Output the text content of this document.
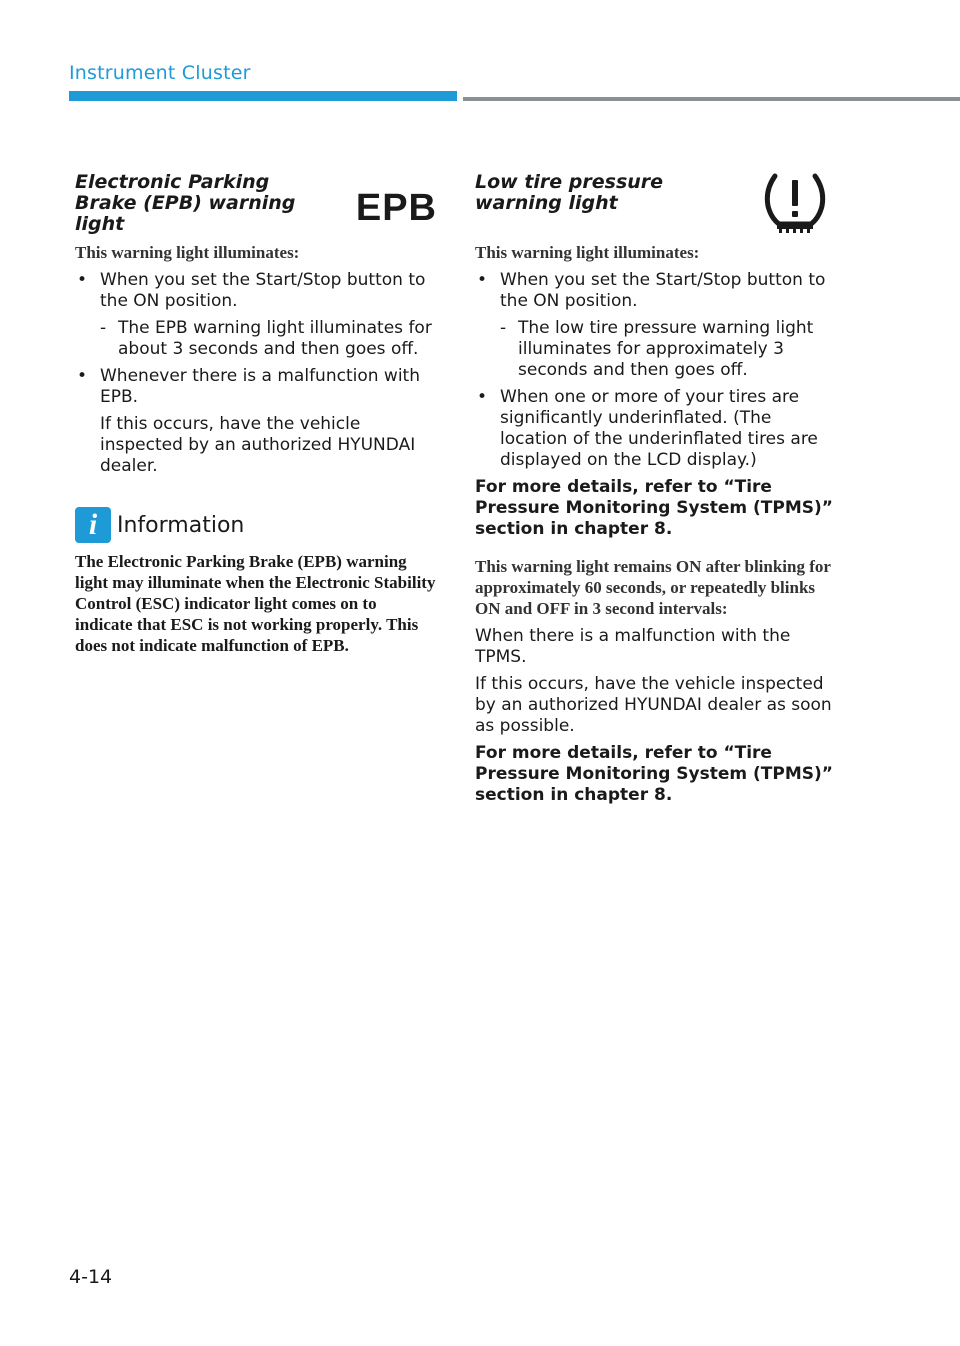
Instrument Cluster
Electronic Parking Brake (EPB) warning light	EPB

This warning light illuminates:

• When you set the Start/Stop button to the ON position.
- The EPB warning light illuminates for about 3 seconds and then goes off.
• Whenever there is a malfunction with EPB.
If this occurs, have the vehicle inspected by an authorized HYUNDAI dealer.
i Information

The Electronic Parking Brake (EPB) warning light may illuminate when the Electronic Stability Control (ESC) indicator light comes on to indicate that ESC is not working properly. This does not indicate malfunction of EPB.

Low tire pressure warning light

This warning light illuminates:

• When you set the Start/Stop button to the ON position.
- The low tire pressure warning light illuminates for approximately 3 seconds and then goes off.
• When one or more of your tires are significantly underinflated. (The location of the underinflated tires are displayed on the LCD display.)

For more details, refer to “Tire Pressure Monitoring System (TPMS)” section in chapter 8.

This warning light remains ON after blinking for approximately 60 seconds, or repeatedly blinks ON and OFF in 3 second intervals:

When there is a malfunction with the TPMS.

If this occurs, have the vehicle inspected by an authorized HYUNDAI dealer as soon as possible.

For more details, refer to “Tire Pressure Monitoring System (TPMS)” section in chapter 8.

4-14
